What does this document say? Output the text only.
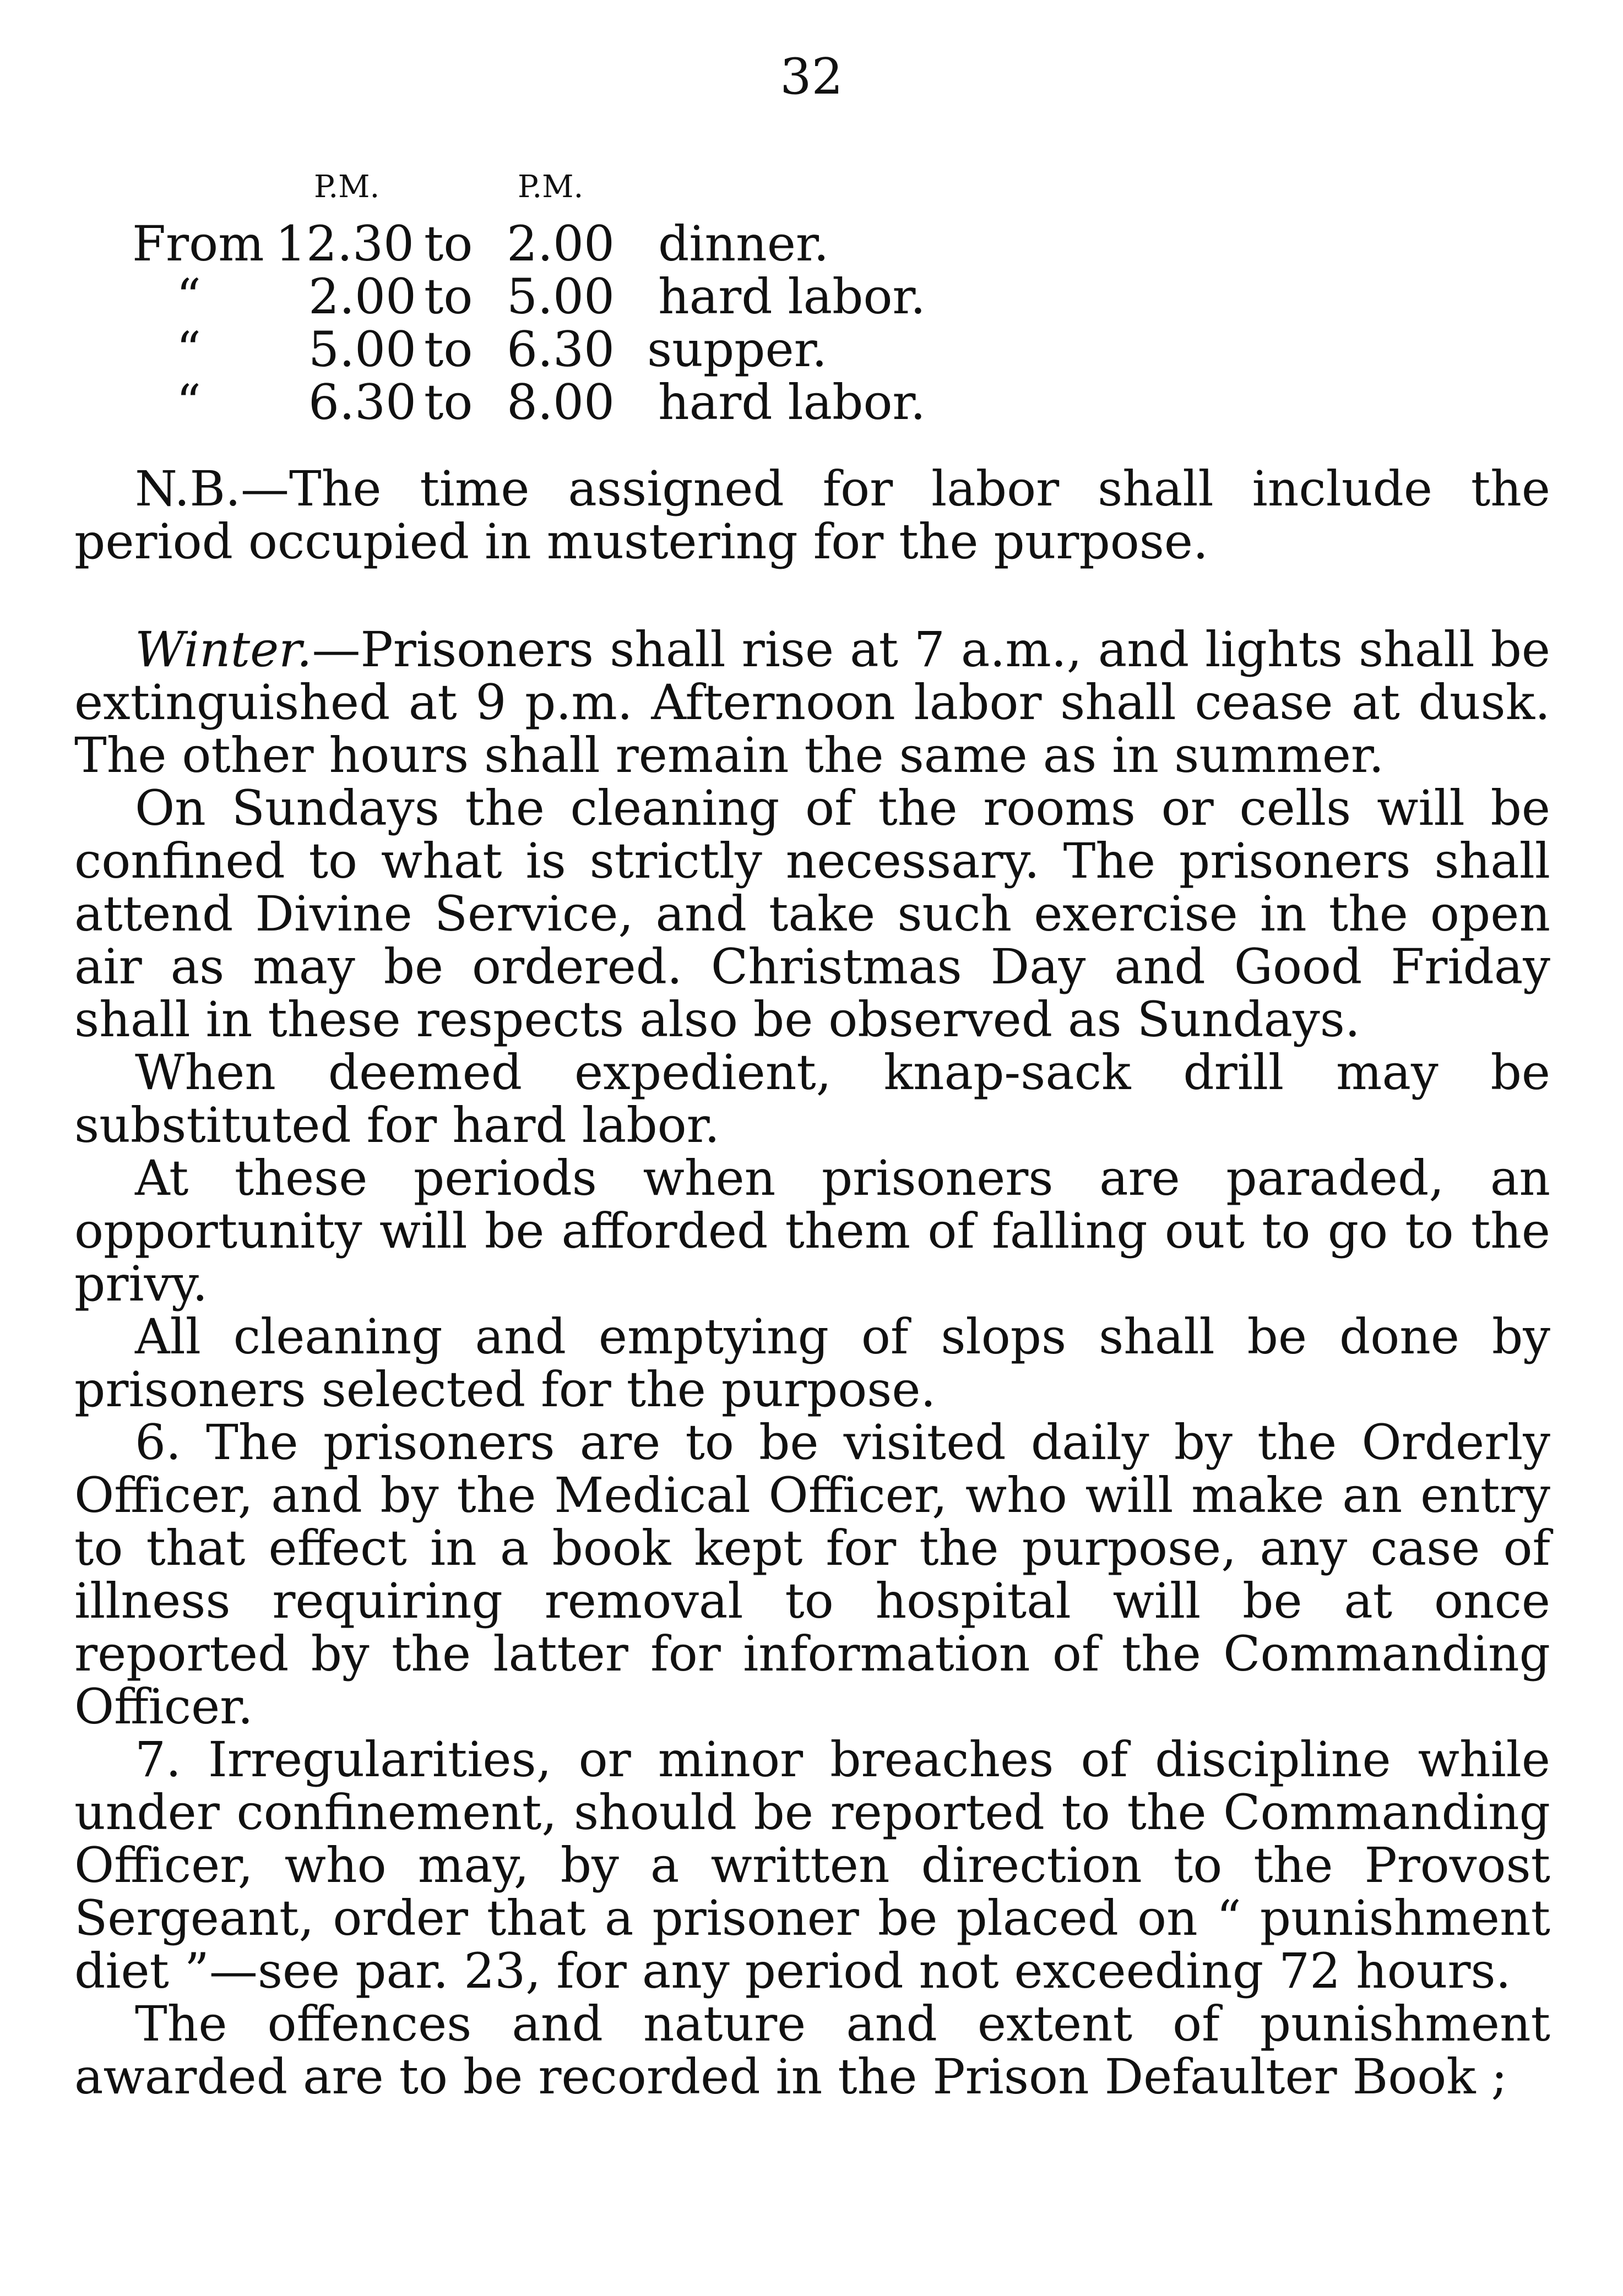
32
P.M.	P.M.
From 12.30 to 2.00 dinner.
“ 2.00 to 5.00 hard labor.
“ 5.00 to 6.30 supper.
“ 6.30 to 8.00 hard labor.

N.B.—The time assigned for labor shall include the period occupied in mustering for the purpose.

Winter.—Prisoners shall rise at 7 a.m., and lights shall be extinguished at 9 p.m. Afternoon labor shall cease at dusk. The other hours shall remain the same as in summer.

On Sundays the cleaning of the rooms or cells will be confined to what is strictly necessary. The prisoners shall attend Divine Service, and take such exercise in the open air as may be ordered. Christmas Day and Good Friday shall in these respects also be observed as Sundays.

When deemed expedient, knap-sack drill may be substituted for hard labor.

At these periods when prisoners are paraded, an opportunity will be afforded them of falling out to go to the privy.

All cleaning and emptying of slops shall be done by prisoners selected for the purpose.

6. The prisoners are to be visited daily by the Orderly Officer, and by the Medical Officer, who will make an entry to that effect in a book kept for the purpose, any case of illness requiring removal to hospital will be at once reported by the latter for information of the Commanding Officer.

7. Irregularities, or minor breaches of discipline while under confinement, should be reported to the Commanding Officer, who may, by a written direction to the Provost Sergeant, order that a prisoner be placed on “ punishment diet ”—see par. 23, for any period not exceeding 72 hours.

The offences and nature and extent of punishment awarded are to be recorded in the Prison Defaulter Book ;
